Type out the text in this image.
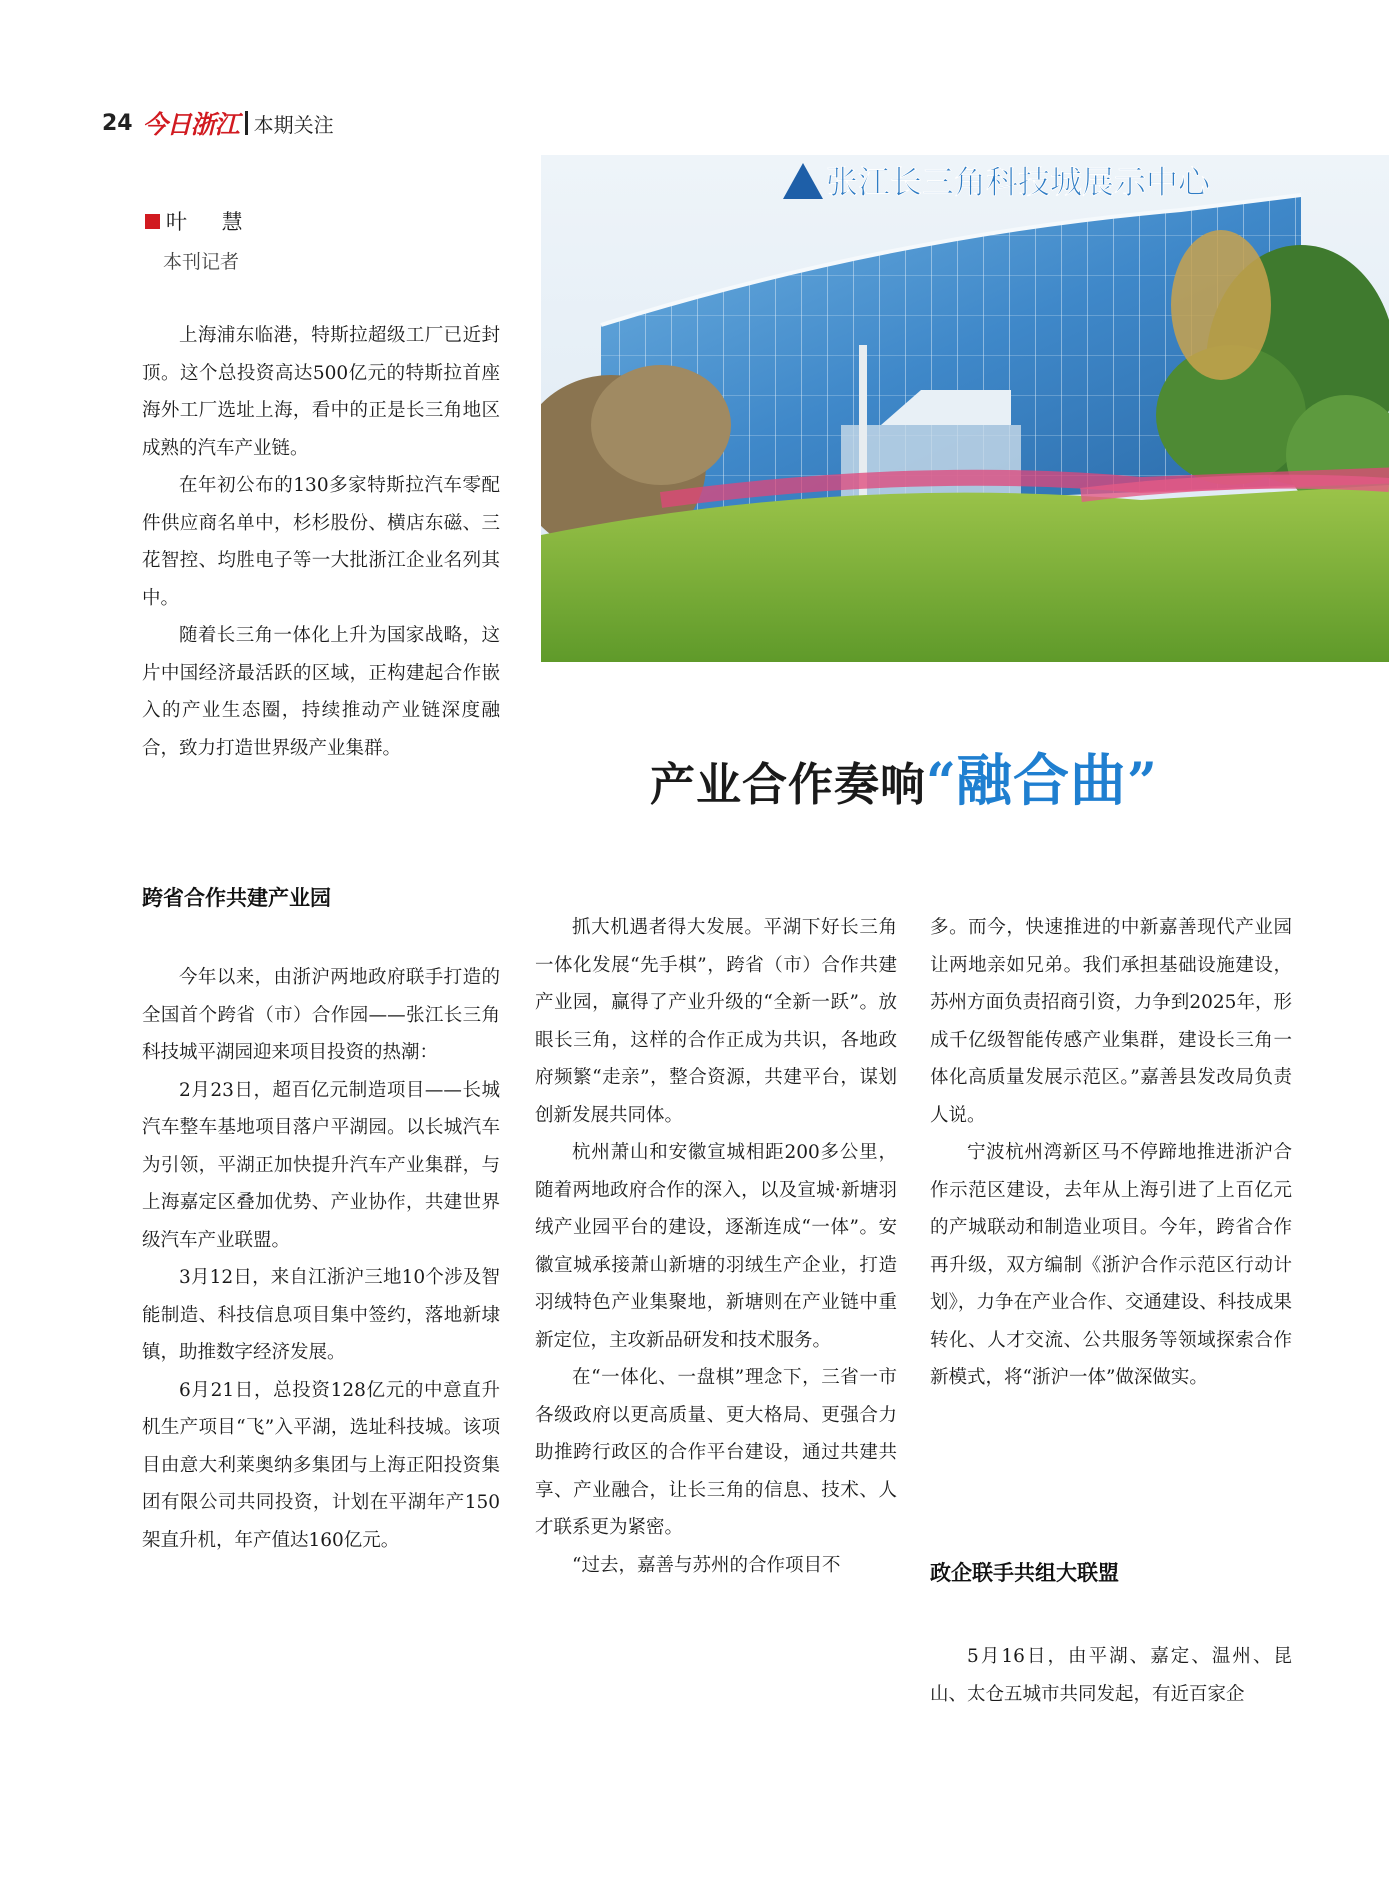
24 今日浙江 本期关注
叶 慧
本刊记者
张江长三角科技城展示中心
产业合作奏响 “ 融合曲 ”

上海浦东临港，特斯拉超级工厂已近封顶。这个总投资高达500亿元的特斯拉首座海外工厂选址上海，看中的正是长三角地区成熟的汽车产业链。

在年初公布的130多家特斯拉汽车零配件供应商名单中，杉杉股份、横店东磁、三花智控、均胜电子等一大批浙江企业名列其中。

随着长三角一体化上升为国家战略，这片中国经济最活跃的区域，正构建起合作嵌入的产业生态圈，持续推动产业链深度融合，致力打造世界级产业集群。

跨省合作共建产业园

今年以来，由浙沪两地政府联手打造的全国首个跨省（市）合作园——张江长三角科技城平湖园迎来项目投资的热潮：

2月23日，超百亿元制造项目——长城汽车整车基地项目落户平湖园。以长城汽车为引领，平湖正加快提升汽车产业集群，与上海嘉定区叠加优势、产业协作，共建世界级汽车产业联盟。

3月12日，来自江浙沪三地10个涉及智能制造、科技信息项目集中签约，落地新埭镇，助推数字经济发展。

6月21日，总投资128亿元的中意直升机生产项目“飞”入平湖，选址科技城。该项目由意大利莱奥纳多集团与上海正阳投资集团有限公司共同投资，计划在平湖年产150架直升机，年产值达160亿元。

抓大机遇者得大发展。平湖下好长三角一体化发展“先手棋”，跨省（市）合作共建产业园，赢得了产业升级的“全新一跃”。放眼长三角，这样的合作正成为共识，各地政府频繁“走亲”，整合资源，共建平台，谋划创新发展共同体。

杭州萧山和安徽宣城相距200多公里，随着两地政府合作的深入，以及宣城·新塘羽绒产业园平台的建设，逐渐连成“一体”。安徽宣城承接萧山新塘的羽绒生产企业，打造羽绒特色产业集聚地，新塘则在产业链中重新定位，主攻新品研发和技术服务。

在“一体化、一盘棋”理念下，三省一市各级政府以更高质量、更大格局、更强合力助推跨行政区的合作平台建设，通过共建共享、产业融合，让长三角的信息、技术、人才联系更为紧密。

“过去，嘉善与苏州的合作项目不

多。而今，快速推进的中新嘉善现代产业园让两地亲如兄弟。我们承担基础设施建设，苏州方面负责招商引资，力争到2025年，形成千亿级智能传感产业集群，建设长三角一体化高质量发展示范区。”嘉善县发改局负责人说。

宁波杭州湾新区马不停蹄地推进浙沪合作示范区建设，去年从上海引进了上百亿元的产城联动和制造业项目。今年，跨省合作再升级，双方编制《浙沪合作示范区行动计划》，力争在产业合作、交通建设、科技成果转化、人才交流、公共服务等领域探索合作新模式，将“浙沪一体”做深做实。

政企联手共组大联盟

5月16日，由平湖、嘉定、温州、昆山、太仓五城市共同发起，有近百家企
